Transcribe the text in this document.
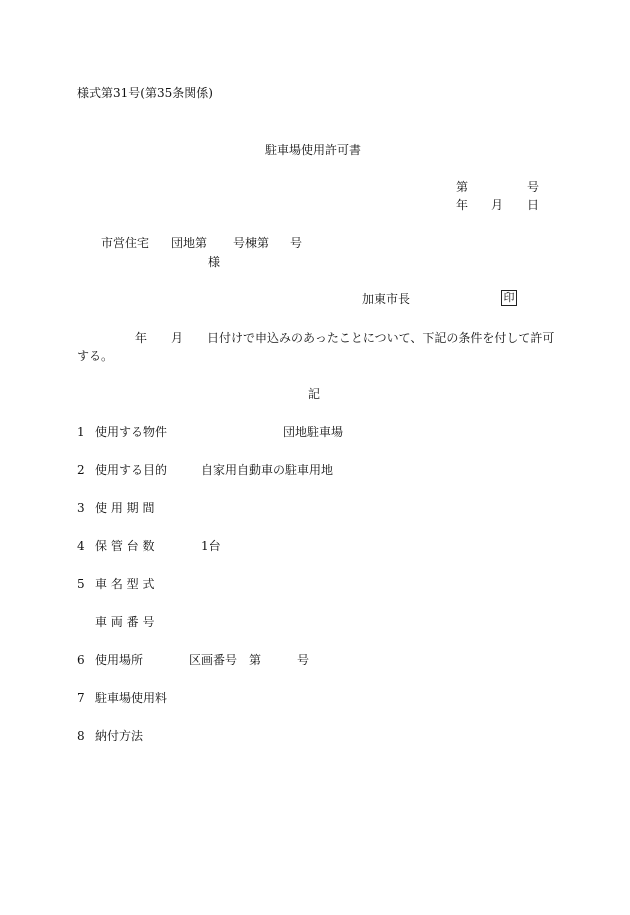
様式第31号(第35条関係)
駐車場使用許可書
第	号
年 月 日
市営住宅 団地第 号棟第 号
様
加東市長	印
年 月 日付けで申込みのあったことについて、下記の条件を付して許可
する。
記
1 使用する物件	団地駐車場
2 使用する目的	自家用自動車の駐車用地
3 使 用 期 間
4 保 管 台 数	1台
5 車 名 型 式
車 両 番 号
6 使用場所	区画番号 第	号
7 駐車場使用料
8 納付方法
